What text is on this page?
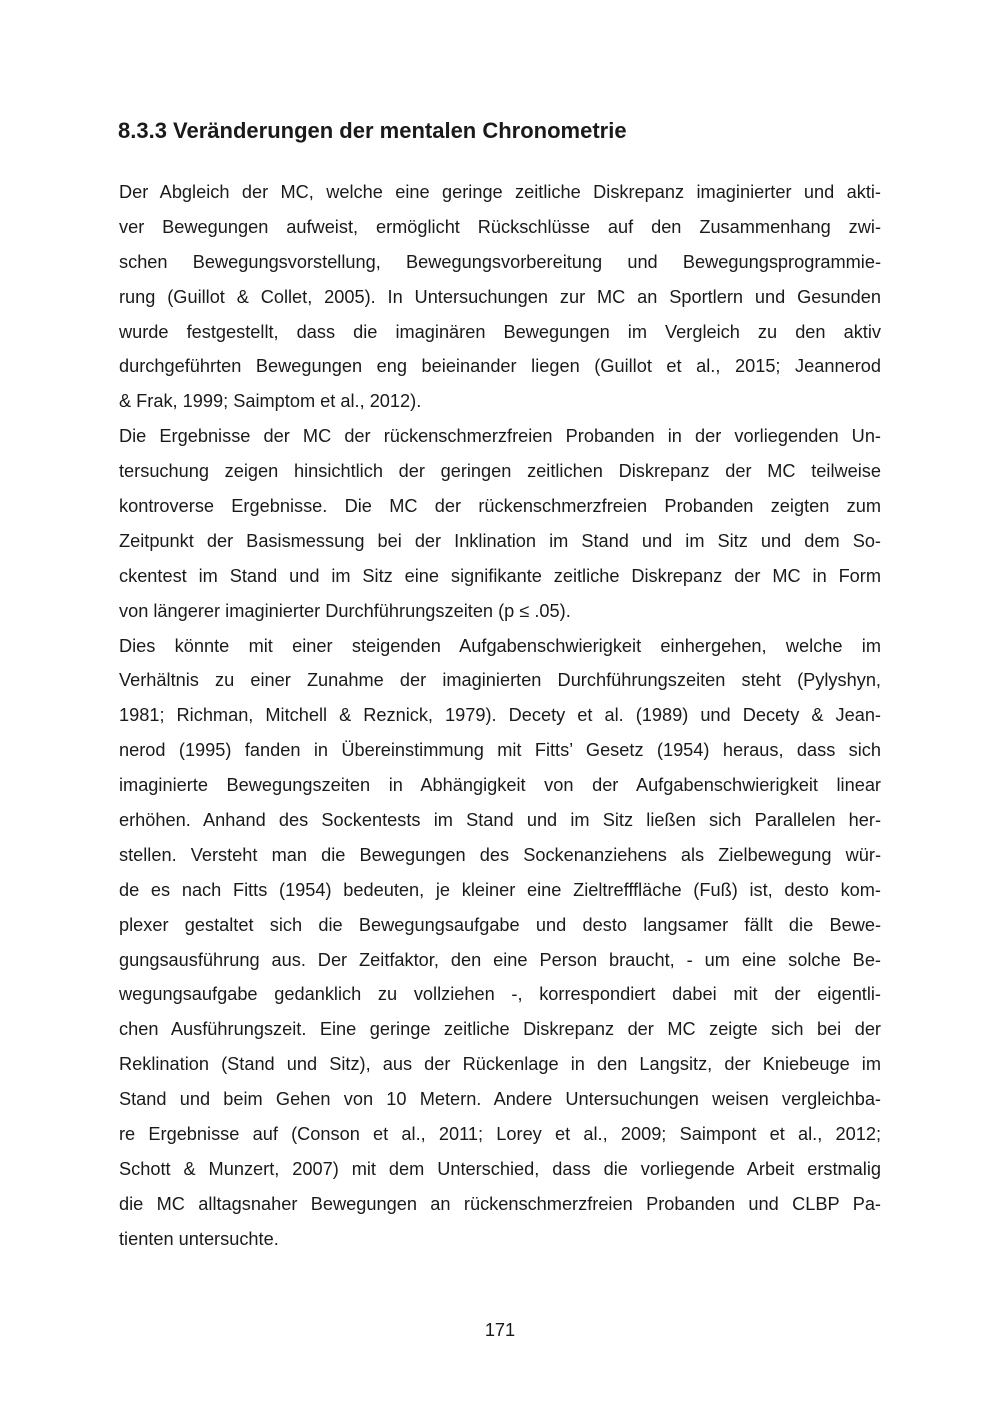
8.3.3 Veränderungen der mentalen Chronometrie

Der Abgleich der MC, welche eine geringe zeitliche Diskrepanz imaginierter und akti-
ver Bewegungen aufweist, ermöglicht Rückschlüsse auf den Zusammenhang zwi-
schen Bewegungsvorstellung, Bewegungsvorbereitung und Bewegungsprogrammie-
rung (Guillot & Collet, 2005). In Untersuchungen zur MC an Sportlern und Gesunden
wurde festgestellt, dass die imaginären Bewegungen im Vergleich zu den aktiv
durchgeführten Bewegungen eng beieinander liegen (Guillot et al., 2015; Jeannerod
& Frak, 1999; Saimptom et al., 2012).

Die Ergebnisse der MC der rückenschmerzfreien Probanden in der vorliegenden Un-
tersuchung zeigen hinsichtlich der geringen zeitlichen Diskrepanz der MC teilweise
kontroverse Ergebnisse. Die MC der rückenschmerzfreien Probanden zeigten zum
Zeitpunkt der Basismessung bei der Inklination im Stand und im Sitz und dem So-
ckentest im Stand und im Sitz eine signifikante zeitliche Diskrepanz der MC in Form
von längerer imaginierter Durchführungszeiten (p ≤ .05).

Dies könnte mit einer steigenden Aufgabenschwierigkeit einhergehen, welche im
Verhältnis zu einer Zunahme der imaginierten Durchführungszeiten steht (Pylyshyn,
1981; Richman, Mitchell & Reznick, 1979). Decety et al. (1989) und Decety & Jean-
nerod (1995) fanden in Übereinstimmung mit Fitts’ Gesetz (1954) heraus, dass sich
imaginierte Bewegungszeiten in Abhängigkeit von der Aufgabenschwierigkeit linear
erhöhen. Anhand des Sockentests im Stand und im Sitz ließen sich Parallelen her-
stellen. Versteht man die Bewegungen des Sockenanziehens als Zielbewegung wür-
de es nach Fitts (1954) bedeuten, je kleiner eine Zieltrefffläche (Fuß) ist, desto kom-
plexer gestaltet sich die Bewegungsaufgabe und desto langsamer fällt die Bewe-
gungsausführung aus. Der Zeitfaktor, den eine Person braucht, - um eine solche Be-
wegungsaufgabe gedanklich zu vollziehen -, korrespondiert dabei mit der eigentli-
chen Ausführungszeit. Eine geringe zeitliche Diskrepanz der MC zeigte sich bei der
Reklination (Stand und Sitz), aus der Rückenlage in den Langsitz, der Kniebeuge im
Stand und beim Gehen von 10 Metern. Andere Untersuchungen weisen vergleichba-
re Ergebnisse auf (Conson et al., 2011; Lorey et al., 2009; Saimpont et al., 2012;
Schott & Munzert, 2007) mit dem Unterschied, dass die vorliegende Arbeit erstmalig
die MC alltagsnaher Bewegungen an rückenschmerzfreien Probanden und CLBP Pa-
tienten untersuchte.

171
